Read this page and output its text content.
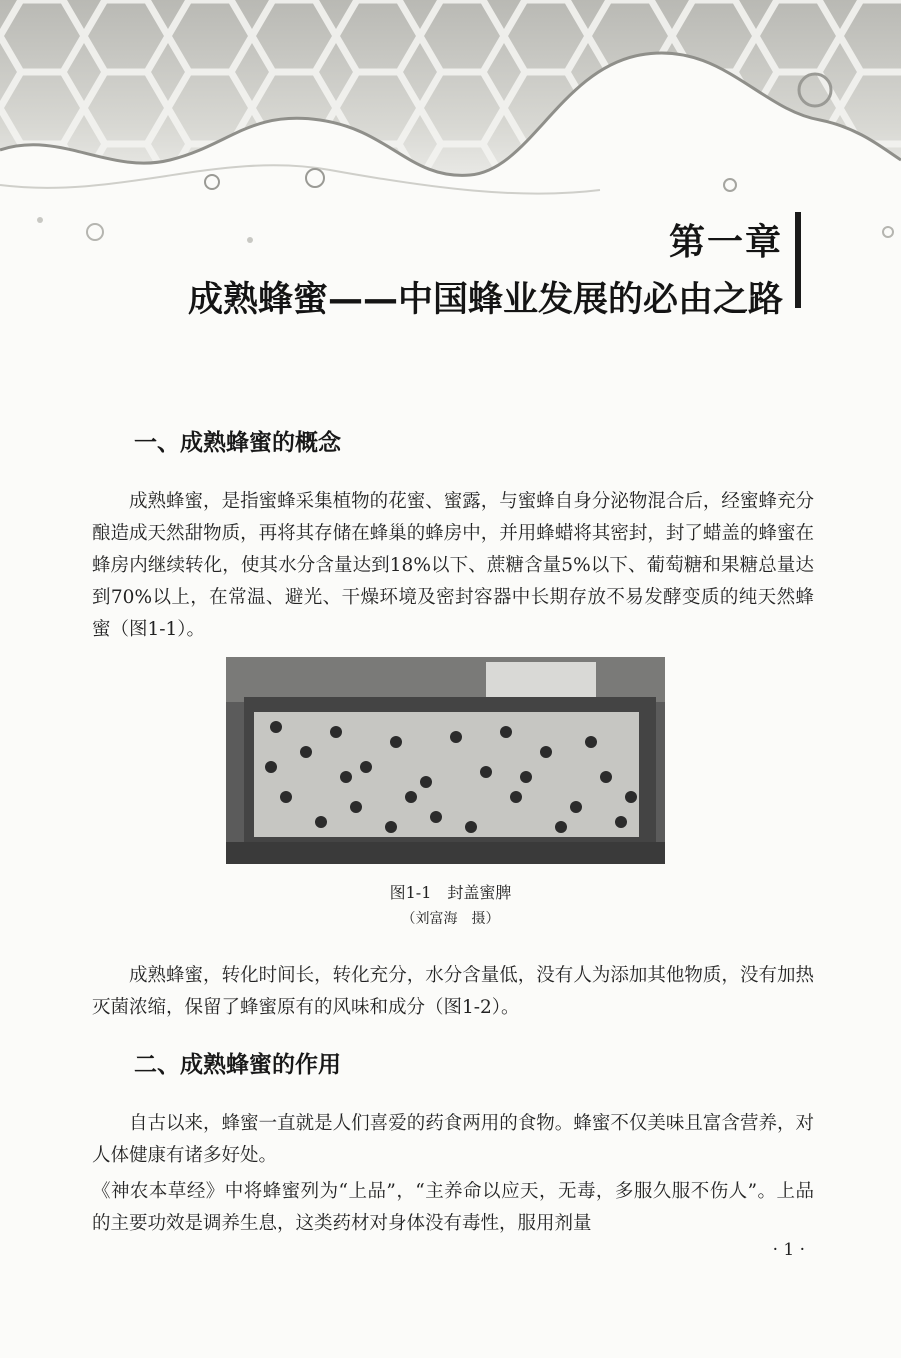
第一章
成熟蜂蜜——中国蜂业发展的必由之路
一、成熟蜂蜜的概念

成熟蜂蜜，是指蜜蜂采集植物的花蜜、蜜露，与蜜蜂自身分泌物混合后，经蜜蜂充分酿造成天然甜物质，再将其存储在蜂巢的蜂房中，并用蜂蜡将其密封，封了蜡盖的蜂蜜在蜂房内继续转化，使其水分含量达到18%以下、蔗糖含量5%以下、葡萄糖和果糖总量达到70%以上，在常温、避光、干燥环境及密封容器中长期存放不易发酵变质的纯天然蜂蜜（图1-1）。

图1-1　封盖蜜脾
（刘富海　摄）

成熟蜂蜜，转化时间长，转化充分，水分含量低，没有人为添加其他物质，没有加热灭菌浓缩，保留了蜂蜜原有的风味和成分（图1-2）。

二、成熟蜂蜜的作用

自古以来，蜂蜜一直就是人们喜爱的药食两用的食物。蜂蜜不仅美味且富含营养，对人体健康有诸多好处。

《神农本草经》中将蜂蜜列为“上品”，“主养命以应天，无毒，多服久服不伤人”。上品的主要功效是调养生息，这类药材对身体没有毒性，服用剂量

· 1 ·
